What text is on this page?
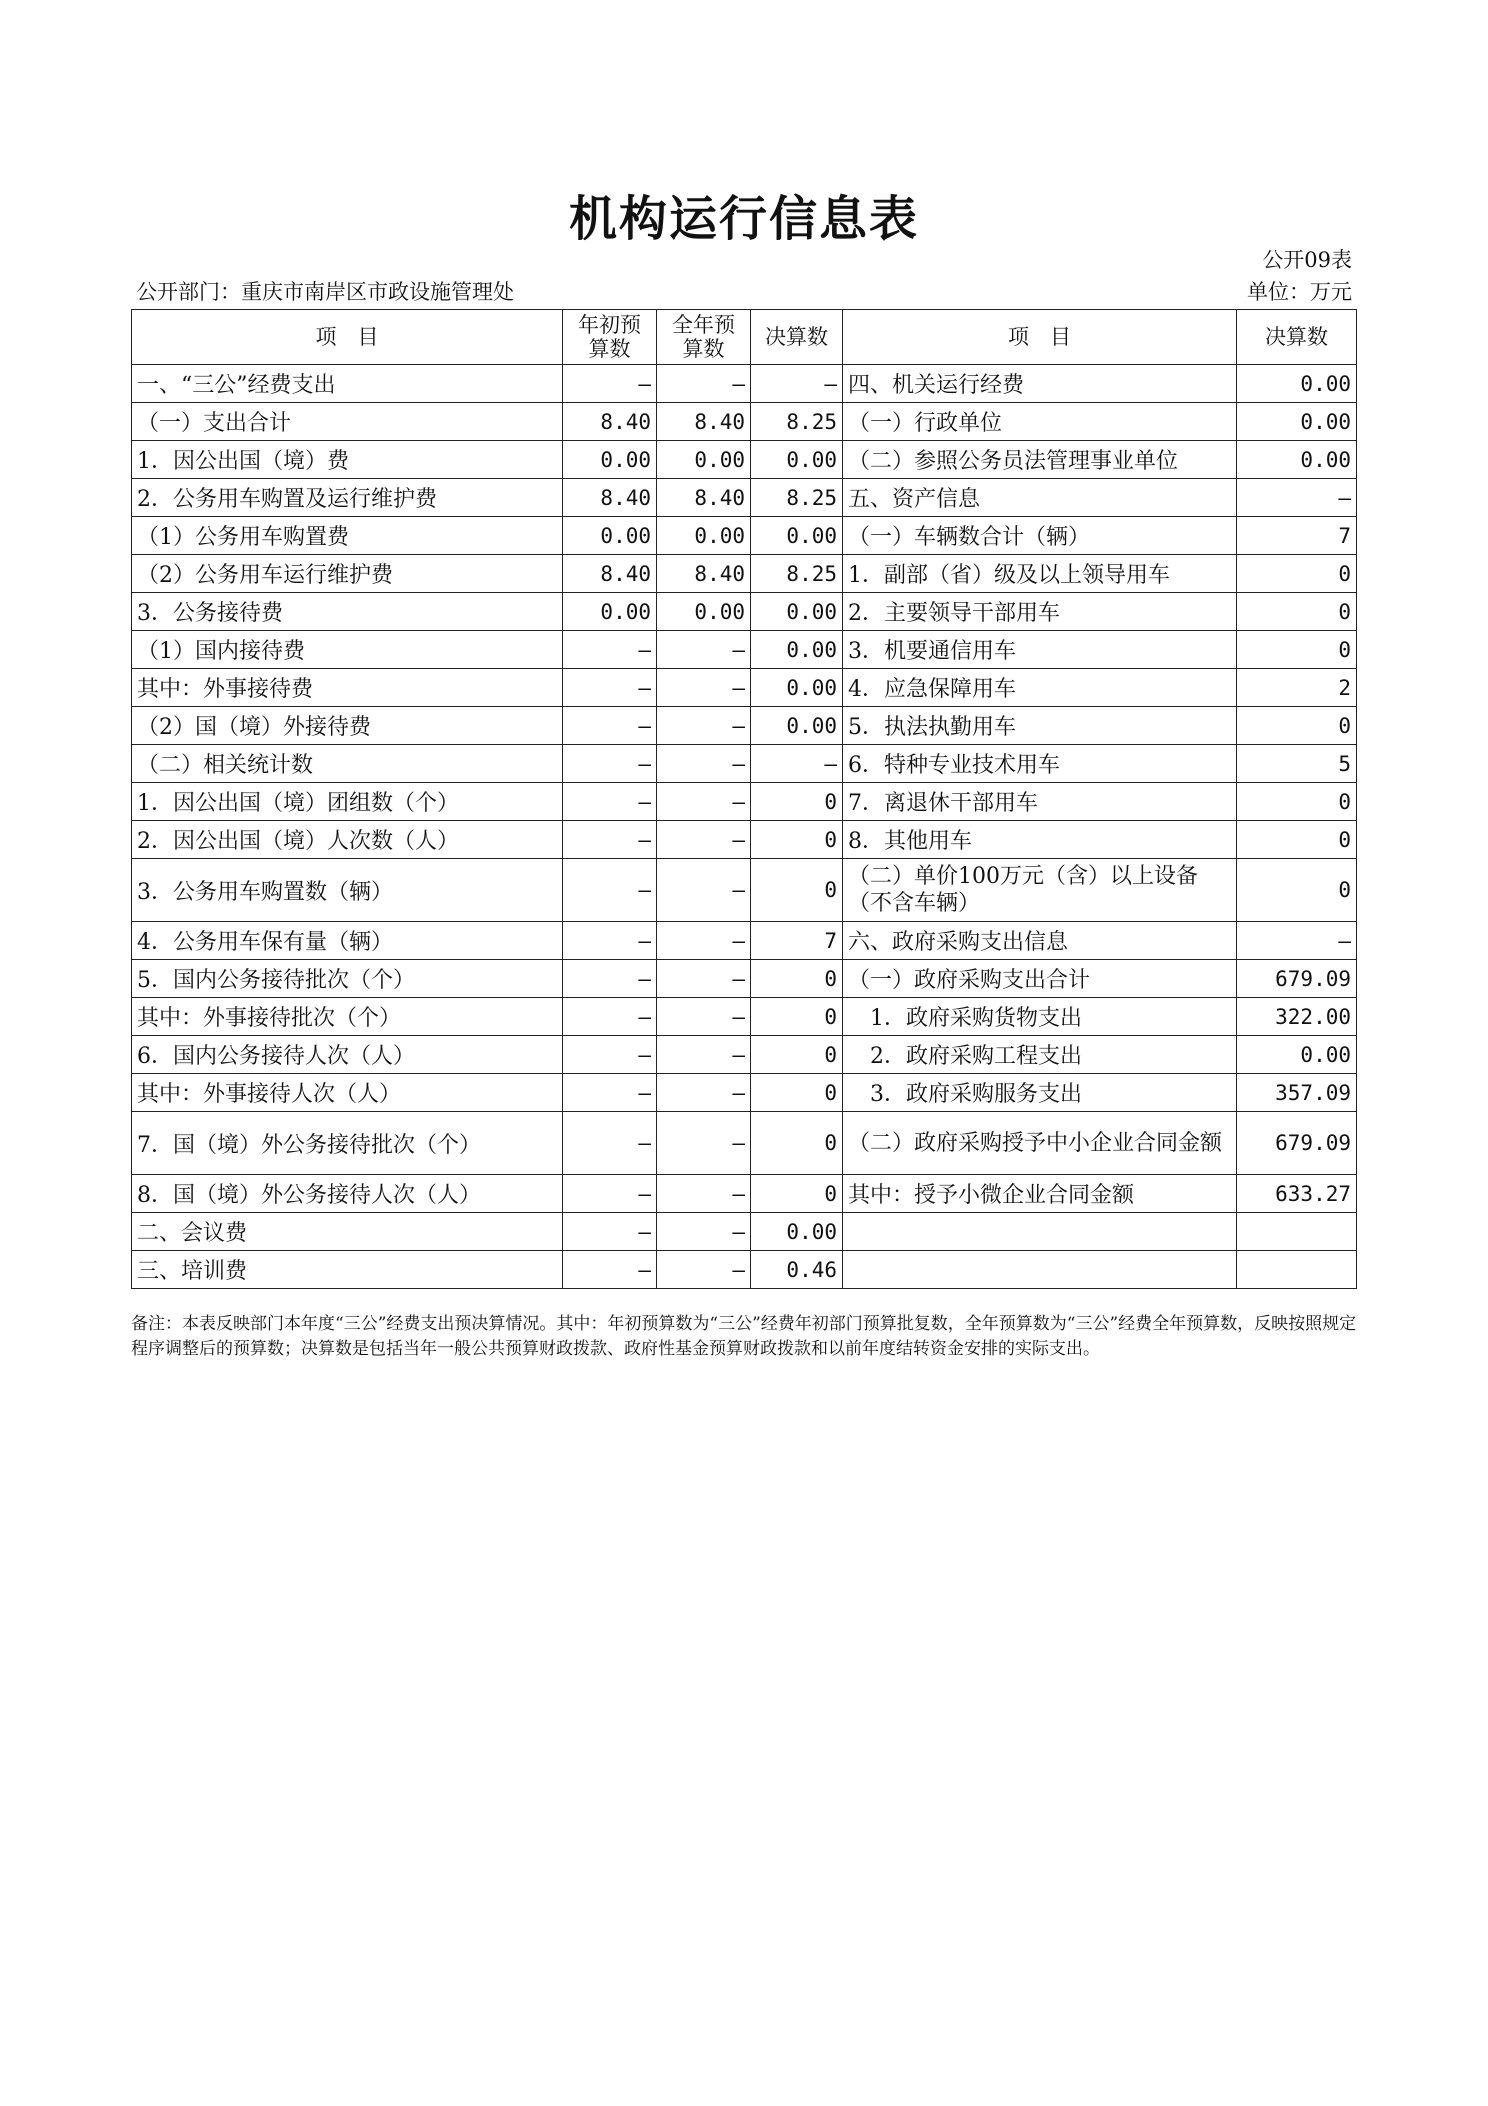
机构运行信息表
公开09表
公开部门：重庆市南岸区市政设施管理处	单位：万元
项　目	年初预算数	全年预算数	决算数	项　目	决算数
一、“三公”经费支出	—	—	—	四、机关运行经费	0.00
（一）支出合计	8.40	8.40	8.25	（一）行政单位	0.00
1．因公出国（境）费	0.00	0.00	0.00	（二）参照公务员法管理事业单位	0.00
2．公务用车购置及运行维护费	8.40	8.40	8.25	五、资产信息	—
（1）公务用车购置费	0.00	0.00	0.00	（一）车辆数合计（辆）	7
（2）公务用车运行维护费	8.40	8.40	8.25	1．副部（省）级及以上领导用车	0
3．公务接待费	0.00	0.00	0.00	2．主要领导干部用车	0
（1）国内接待费	—	—	0.00	3．机要通信用车	0
其中：外事接待费	—	—	0.00	4．应急保障用车	2
（2）国（境）外接待费	—	—	0.00	5．执法执勤用车	0
（二）相关统计数	—	—	—	6．特种专业技术用车	5
1．因公出国（境）团组数（个）	—	—	0	7．离退休干部用车	0
2．因公出国（境）人次数（人）	—	—	0	8．其他用车	0
3．公务用车购置数（辆）	—	—	0	（二）单价100万元（含）以上设备（不含车辆）	0
4．公务用车保有量（辆）	—	—	7	六、政府采购支出信息	—
5．国内公务接待批次（个）	—	—	0	（一）政府采购支出合计	679.09
其中：外事接待批次（个）	—	—	0	　1．政府采购货物支出	322.00
6．国内公务接待人次（人）	—	—	0	　2．政府采购工程支出	0.00
其中：外事接待人次（人）	—	—	0	　3．政府采购服务支出	357.09
7．国（境）外公务接待批次（个）	—	—	0	（二）政府采购授予中小企业合同金额	679.09
8．国（境）外公务接待人次（人）	—	—	0	其中：授予小微企业合同金额	633.27
二、会议费	—	—	0.00		
三、培训费	—	—	0.46		
备注：本表反映部门本年度“三公”经费支出预决算情况。其中：年初预算数为“三公”经费年初部门预算批复数，全年预算数为“三公”经费全年预算数，反映按照规定程序调整后的预算数；决算数是包括当年一般公共预算财政拨款、政府性基金预算财政拨款和以前年度结转资金安排的实际支出。
